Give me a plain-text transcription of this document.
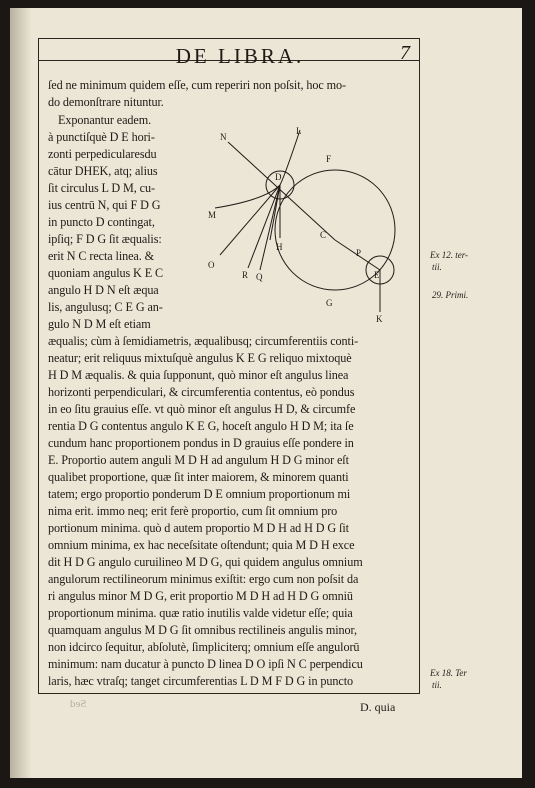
DE LIBRA.	7
ſed ne minimum quidem eſſe, cum reperiri non poſsit, hoc mo-
do demonſtrare nituntur.
Exponantur eadem.
à punctiſquè D E hori-
zonti perpedicularesdu
cātur DHEK, atq; alius
ſit circulus L D M, cu-
ius centrū N, qui F D G
in puncto D contingat,
ipſiq; F D G ſit æqualis:
erit N C recta linea. &
quoniam angulus K E C
angulo H D N eſt æqua
lis, angulusq; C E G an-
gulo N D M eſt etiam
æqualis; cùm à ſemidiametris, æqualibusq; circumferentiis conti-
neatur; erit reliquus mixtuſquè angulus K E G reliquo mixtoquè
H D M æqualis. & quia ſupponunt, quò minor eſt angulus linea
horizonti perpendiculari, & circumferentia contentus, eò pondus
in eo ſitu grauius eſſe. vt quò minor eſt angulus H D, & circumfe
rentia D G contentus angulo K E G, hoceſt angulo H D M; ita ſe
cundum hanc proportionem pondus in D grauius eſſe pondere in
E. Proportio autem anguli M D H ad angulum H D G minor eſt
qualibet proportione, quæ ſit inter maiorem, & minorem quanti
tatem; ergo proportio ponderum D E omnium proportionum mi
nima erit. immo neq; erit ferè proportio, cum ſit omnium pro
portionum minima. quò d autem proportio M D H ad H D G ſit
omnium minima, ex hac neceſsitate oſtendunt; quia M D H exce
dit H D G angulo curuilineo M D G, qui quidem angulus omnium
angulorum rectilineorum minimus exiſtit: ergo cum non poſsit da
ri angulus minor M D G, erit proportio M D H ad H D G omniū
proportionum minima. quæ ratio inutilis valde videtur eſſe; quia
quamquam angulus M D G ſit omnibus rectilineis angulis minor,
non idcirco ſequitur, abſolutè, ſimpliciterq; omnium eſſe angulorū
minimum: nam ducatur à puncto D linea D O ipſi N C perpendicu
laris, hæc vtraſq; tanget circumferentias L D M F D G in puncto
Ex 12. ter-
tii.
29. Primi.
Ex 18. Ter
tii.
N
L
F
D
M
C
H
O
R Q
P
E
G
K
Sed	D. quia
